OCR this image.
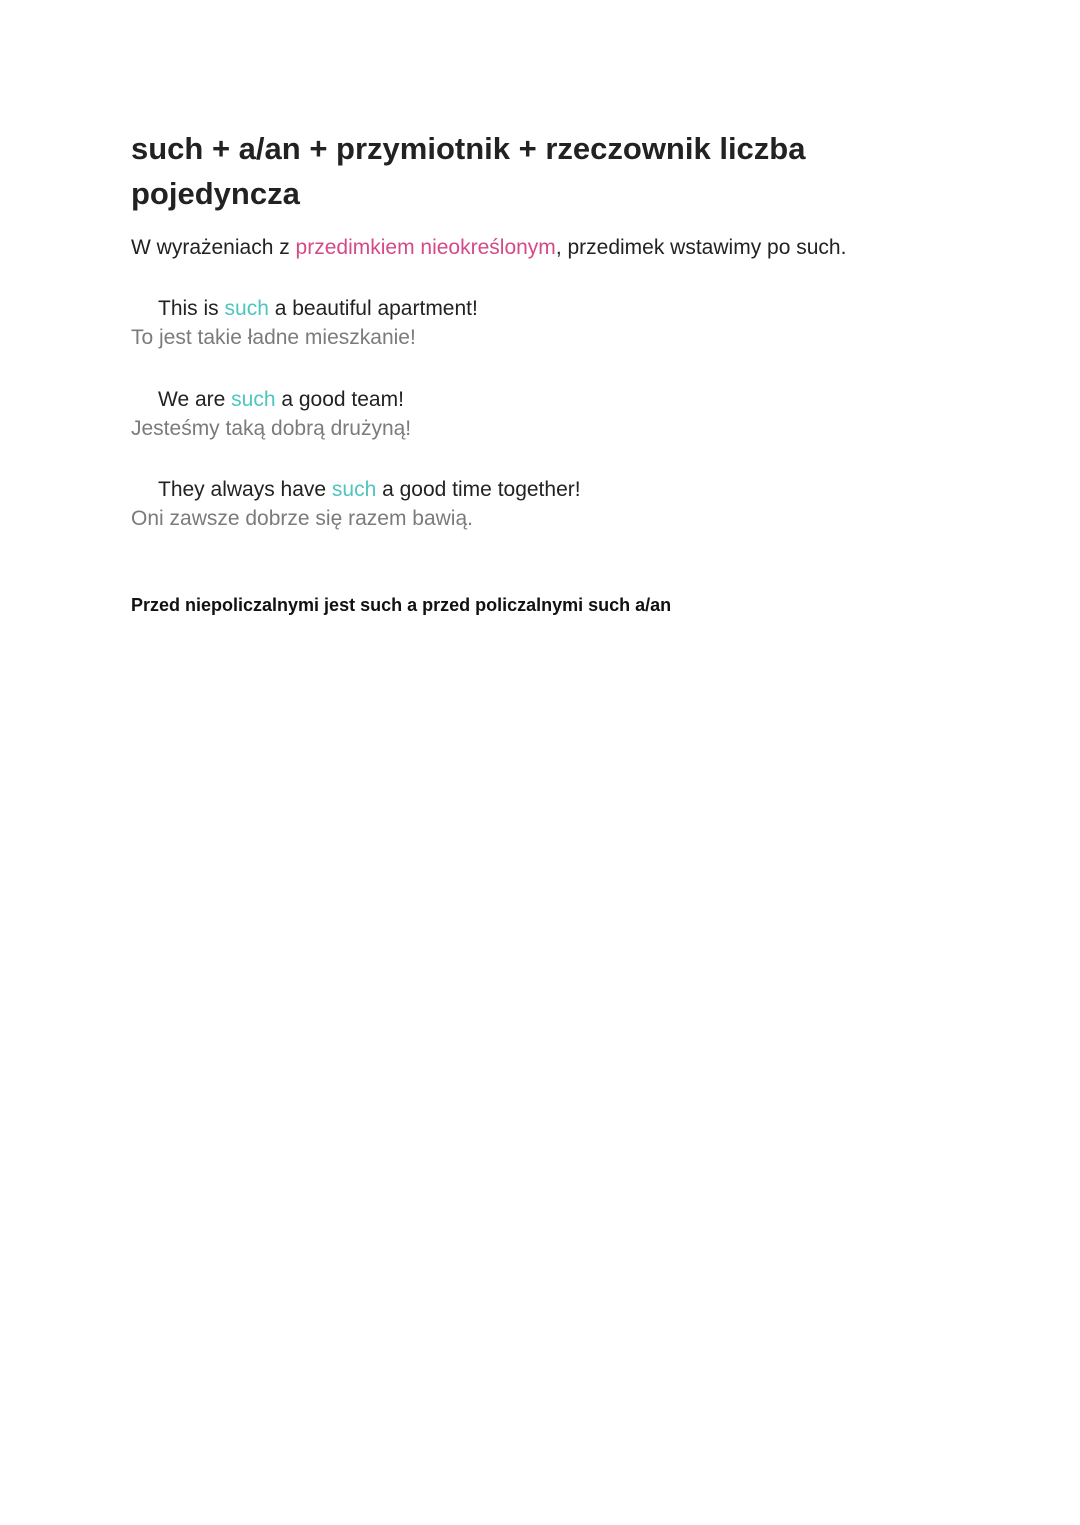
such + a/an + przymiotnik + rzeczownik liczba pojedyncza

W wyrażeniach z przedimkiem nieokreślonym, przedimek wstawimy po such.

This is such a beautiful apartment!

To jest takie ładne mieszkanie!

We are such a good team!

Jesteśmy taką dobrą drużyną!

They always have such a good time together!

Oni zawsze dobrze się razem bawią.

Przed niepoliczalnymi jest such a przed policzalnymi such a/an
